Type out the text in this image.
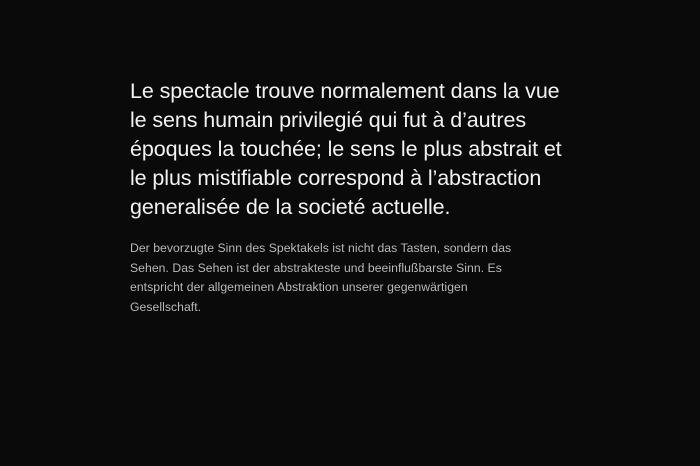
Le spectacle trouve normalement dans la vue le sens humain privilegié qui fut à d’autres époques la touchée; le sens le plus abstrait et le plus mistifiable correspond à l’abstraction generalisée de la societé actuelle.

Der bevorzugte Sinn des Spektakels ist nicht das Tasten, sondern das Sehen. Das Sehen ist der abstrakteste und beeinflußbarste Sinn. Es entspricht der allgemeinen Abstraktion unserer gegenwärtigen Gesellschaft.
